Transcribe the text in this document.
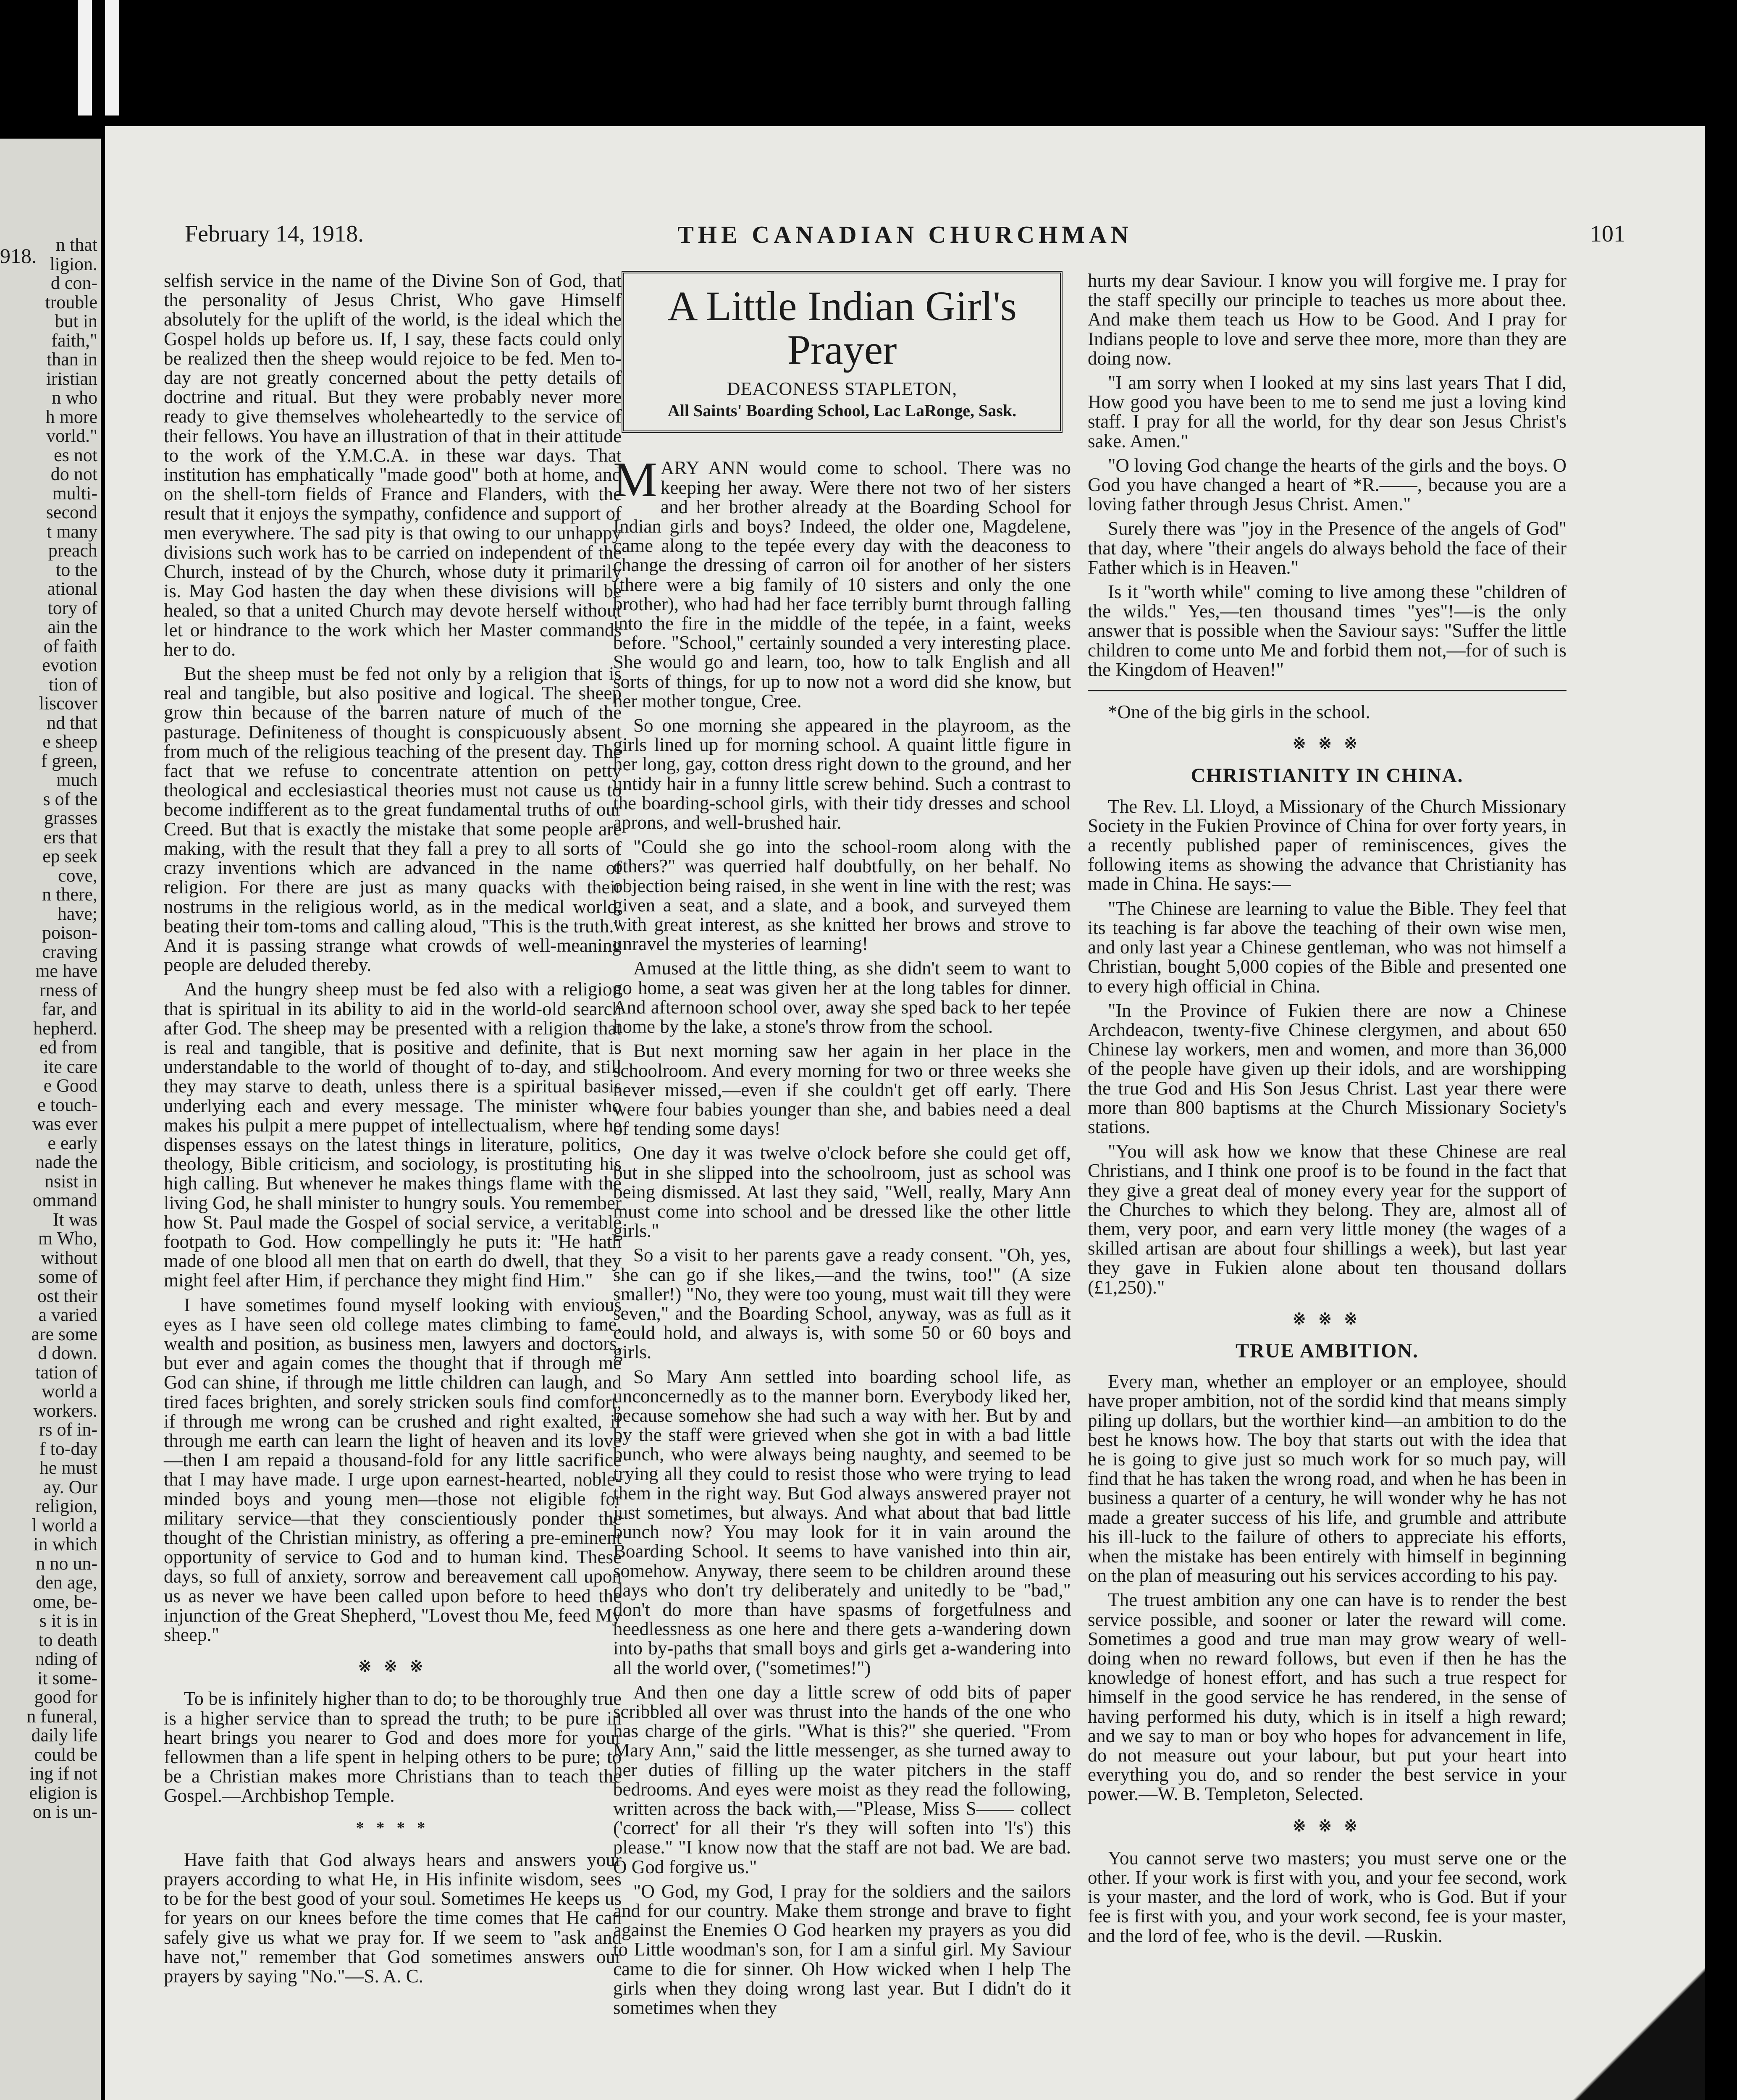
918.	n that
ligion.
d con-
trouble
but in
faith,"
than in
iristian
n who
h more
vorld."
es not
do not
multi-
second
t many
preach
to the
ational
tory of
ain the
of faith
evotion
tion of
liscover
nd that
e sheep
f green,
much
s of the
grasses
ers that
ep seek
cove,
n there,
have;
poison-
craving
me have
rness of
far, and
hepherd.
ed from
ite care
e Good
e touch-
was ever
e early
nade the
nsist in
ommand
It was
m Who,
without
some of
ost their
a varied
are some
d down.
tation of
world a
workers.
rs of in-
f to-day
he must
ay. Our
religion,
l world a
in which
n no un-
den age,
ome, be-
s it is in
to death
nding of
it some-
good for
n funeral,
daily life
could be
ing if not
eligion is
on is un-
February 14, 1918.	THE CANADIAN CHURCHMAN	101

selfish service in the name of the Divine Son of God, that the personality of Jesus Christ, Who gave Himself absolutely for the uplift of the world, is the ideal which the Gospel holds up before us. If, I say, these facts could only be realized then the sheep would rejoice to be fed. Men to-day are not greatly concerned about the petty details of doctrine and ritual. But they were probably never more ready to give themselves wholeheartedly to the service of their fellows. You have an illustration of that in their attitude to the work of the Y.M.C.A. in these war days. That institution has emphatically "made good" both at home, and on the shell-torn fields of France and Flanders, with the result that it enjoys the sympathy, confidence and support of men everywhere. The sad pity is that owing to our unhappy divisions such work has to be carried on independent of the Church, instead of by the Church, whose duty it primarily is. May God hasten the day when these divisions will be healed, so that a united Church may devote herself without let or hindrance to the work which her Master commands her to do.

But the sheep must be fed not only by a religion that is real and tangible, but also positive and logical. The sheep grow thin because of the barren nature of much of the pasturage. Definiteness of thought is conspicuously absent from much of the religious teaching of the present day. The fact that we refuse to concentrate attention on petty theological and ecclesiastical theories must not cause us to become indifferent as to the great fundamental truths of our Creed. But that is exactly the mistake that some people are making, with the result that they fall a prey to all sorts of crazy inventions which are advanced in the name of religion. For there are just as many quacks with their nostrums in the religious world, as in the medical world, beating their tom-toms and calling aloud, "This is the truth." And it is passing strange what crowds of well-meaning people are deluded thereby.

And the hungry sheep must be fed also with a religion that is spiritual in its ability to aid in the world-old search after God. The sheep may be presented with a religion that is real and tangible, that is positive and definite, that is understandable to the world of thought of to-day, and still they may starve to death, unless there is a spiritual basis underlying each and every message. The minister who makes his pulpit a mere puppet of intellectualism, where he dispenses essays on the latest things in literature, politics, theology, Bible criticism, and sociology, is prostituting his high calling. But whenever he makes things flame with the living God, he shall minister to hungry souls. You remember how St. Paul made the Gospel of social service, a veritable footpath to God. How compellingly he puts it: "He hath made of one blood all men that on earth do dwell, that they might feel after Him, if perchance they might find Him."

I have sometimes found myself looking with envious eyes as I have seen old college mates climbing to fame, wealth and position, as business men, lawyers and doctors, but ever and again comes the thought that if through me God can shine, if through me little children can laugh, and tired faces brighten, and sorely stricken souls find comfort, if through me wrong can be crushed and right exalted, if through me earth can learn the light of heaven and its love—then I am repaid a thousand-fold for any little sacrifice that I may have made. I urge upon earnest-hearted, noble-minded boys and young men—those not eligible for military service—that they conscientiously ponder the thought of the Christian ministry, as offering a pre-eminent opportunity of service to God and to human kind. These days, so full of anxiety, sorrow and bereavement call upon us as never we have been called upon before to heed the injunction of the Great Shepherd, "Lovest thou Me, feed My sheep."

※ ※ ※

To be is infinitely higher than to do; to be thoroughly true is a higher service than to spread the truth; to be pure in heart brings you nearer to God and does more for your fellowmen than a life spent in helping others to be pure; to be a Christian makes more Christians than to teach the Gospel.—Archbishop Temple.

* * * *

Have faith that God always hears and answers your prayers according to what He, in His infinite wisdom, sees to be for the best good of your soul. Sometimes He keeps us for years on our knees before the time comes that He can safely give us what we pray for. If we seem to "ask and have not," remember that God sometimes answers our prayers by saying "No."—S. A. C.

A Little Indian Girl's
Prayer
DEACONESS STAPLETON,
All Saints' Boarding School, Lac LaRonge, Sask.

MARY ANN would come to school. There was no keeping her away. Were there not two of her sisters and her brother already at the Boarding School for Indian girls and boys? Indeed, the older one, Magdelene, came along to the tepée every day with the deaconess to change the dressing of carron oil for another of her sisters (there were a big family of 10 sisters and only the one brother), who had had her face terribly burnt through falling into the fire in the middle of the tepée, in a faint, weeks before. "School," certainly sounded a very interesting place. She would go and learn, too, how to talk English and all sorts of things, for up to now not a word did she know, but her mother tongue, Cree.

So one morning she appeared in the playroom, as the girls lined up for morning school. A quaint little figure in her long, gay, cotton dress right down to the ground, and her untidy hair in a funny little screw behind. Such a contrast to the boarding-school girls, with their tidy dresses and school aprons, and well-brushed hair.

"Could she go into the school-room along with the others?" was querried half doubtfully, on her behalf. No objection being raised, in she went in line with the rest; was given a seat, and a slate, and a book, and surveyed them with great interest, as she knitted her brows and strove to unravel the mysteries of learning!

Amused at the little thing, as she didn't seem to want to go home, a seat was given her at the long tables for dinner. And afternoon school over, away she sped back to her tepée home by the lake, a stone's throw from the school.

But next morning saw her again in her place in the schoolroom. And every morning for two or three weeks she never missed,—even if she couldn't get off early. There were four babies younger than she, and babies need a deal of tending some days!

One day it was twelve o'clock before she could get off, but in she slipped into the schoolroom, just as school was being dismissed. At last they said, "Well, really, Mary Ann must come into school and be dressed like the other little girls."

So a visit to her parents gave a ready consent. "Oh, yes, she can go if she likes,—and the twins, too!" (A size smaller!) "No, they were too young, must wait till they were seven," and the Boarding School, anyway, was as full as it could hold, and always is, with some 50 or 60 boys and girls.

So Mary Ann settled into boarding school life, as unconcernedly as to the manner born. Everybody liked her, because somehow she had such a way with her. But by and by the staff were grieved when she got in with a bad little bunch, who were always being naughty, and seemed to be trying all they could to resist those who were trying to lead them in the right way. But God always answered prayer not just sometimes, but always. And what about that bad little bunch now? You may look for it in vain around the Boarding School. It seems to have vanished into thin air, somehow. Anyway, there seem to be children around these days who don't try deliberately and unitedly to be "bad," don't do more than have spasms of forgetfulness and heedlessness as one here and there gets a-wandering down into by-paths that small boys and girls get a-wandering into all the world over, ("sometimes!")

And then one day a little screw of odd bits of paper scribbled all over was thrust into the hands of the one who has charge of the girls. "What is this?" she queried. "From Mary Ann," said the little messenger, as she turned away to her duties of filling up the water pitchers in the staff bedrooms. And eyes were moist as they read the following, written across the back with,—"Please, Miss S—— collect ('correct' for all their 'r's they will soften into 'l's') this please." "I know now that the staff are not bad. We are bad. O God forgive us."

"O God, my God, I pray for the soldiers and the sailors and for our country. Make them stronge and brave to fight against the Enemies O God hearken my prayers as you did to Little woodman's son, for I am a sinful girl. My Saviour came to die for sinner. Oh How wicked when I help The girls when they doing wrong last year. But I didn't do it sometimes when they

hurts my dear Saviour. I know you will forgive me. I pray for the staff specilly our principle to teaches us more about thee. And make them teach us How to be Good. And I pray for Indians people to love and serve thee more, more than they are doing now.

"I am sorry when I looked at my sins last years That I did, How good you have been to me to send me just a loving kind staff. I pray for all the world, for thy dear son Jesus Christ's sake. Amen."

"O loving God change the hearts of the girls and the boys. O God you have changed a heart of *R.——, because you are a loving father through Jesus Christ. Amen."

Surely there was "joy in the Presence of the angels of God" that day, where "their angels do always behold the face of their Father which is in Heaven."

Is it "worth while" coming to live among these "children of the wilds." Yes,—ten thousand times "yes"!—is the only answer that is possible when the Saviour says: "Suffer the little children to come unto Me and forbid them not,—for of such is the Kingdom of Heaven!"

*One of the big girls in the school.

※ ※ ※
CHRISTIANITY IN CHINA.

The Rev. Ll. Lloyd, a Missionary of the Church Missionary Society in the Fukien Province of China for over forty years, in a recently published paper of reminiscences, gives the following items as showing the advance that Christianity has made in China. He says:—

"The Chinese are learning to value the Bible. They feel that its teaching is far above the teaching of their own wise men, and only last year a Chinese gentleman, who was not himself a Christian, bought 5,000 copies of the Bible and presented one to every high official in China.

"In the Province of Fukien there are now a Chinese Archdeacon, twenty-five Chinese clergymen, and about 650 Chinese lay workers, men and women, and more than 36,000 of the people have given up their idols, and are worshipping the true God and His Son Jesus Christ. Last year there were more than 800 baptisms at the Church Missionary Society's stations.

"You will ask how we know that these Chinese are real Christians, and I think one proof is to be found in the fact that they give a great deal of money every year for the support of the Churches to which they belong. They are, almost all of them, very poor, and earn very little money (the wages of a skilled artisan are about four shillings a week), but last year they gave in Fukien alone about ten thousand dollars (£1,250)."

※ ※ ※
TRUE AMBITION.

Every man, whether an employer or an employee, should have proper ambition, not of the sordid kind that means simply piling up dollars, but the worthier kind—an ambition to do the best he knows how. The boy that starts out with the idea that he is going to give just so much work for so much pay, will find that he has taken the wrong road, and when he has been in business a quarter of a century, he will wonder why he has not made a greater success of his life, and grumble and attribute his ill-luck to the failure of others to appreciate his efforts, when the mistake has been entirely with himself in beginning on the plan of measuring out his services according to his pay.

The truest ambition any one can have is to render the best service possible, and sooner or later the reward will come. Sometimes a good and true man may grow weary of well-doing when no reward follows, but even if then he has the knowledge of honest effort, and has such a true respect for himself in the good service he has rendered, in the sense of having performed his duty, which is in itself a high reward; and we say to man or boy who hopes for advancement in life, do not measure out your labour, but put your heart into everything you do, and so render the best service in your power.—W. B. Templeton, Selected.

※ ※ ※

You cannot serve two masters; you must serve one or the other. If your work is first with you, and your fee second, work is your master, and the lord of work, who is God. But if your fee is first with you, and your work second, fee is your master, and the lord of fee, who is the devil. —Ruskin.
